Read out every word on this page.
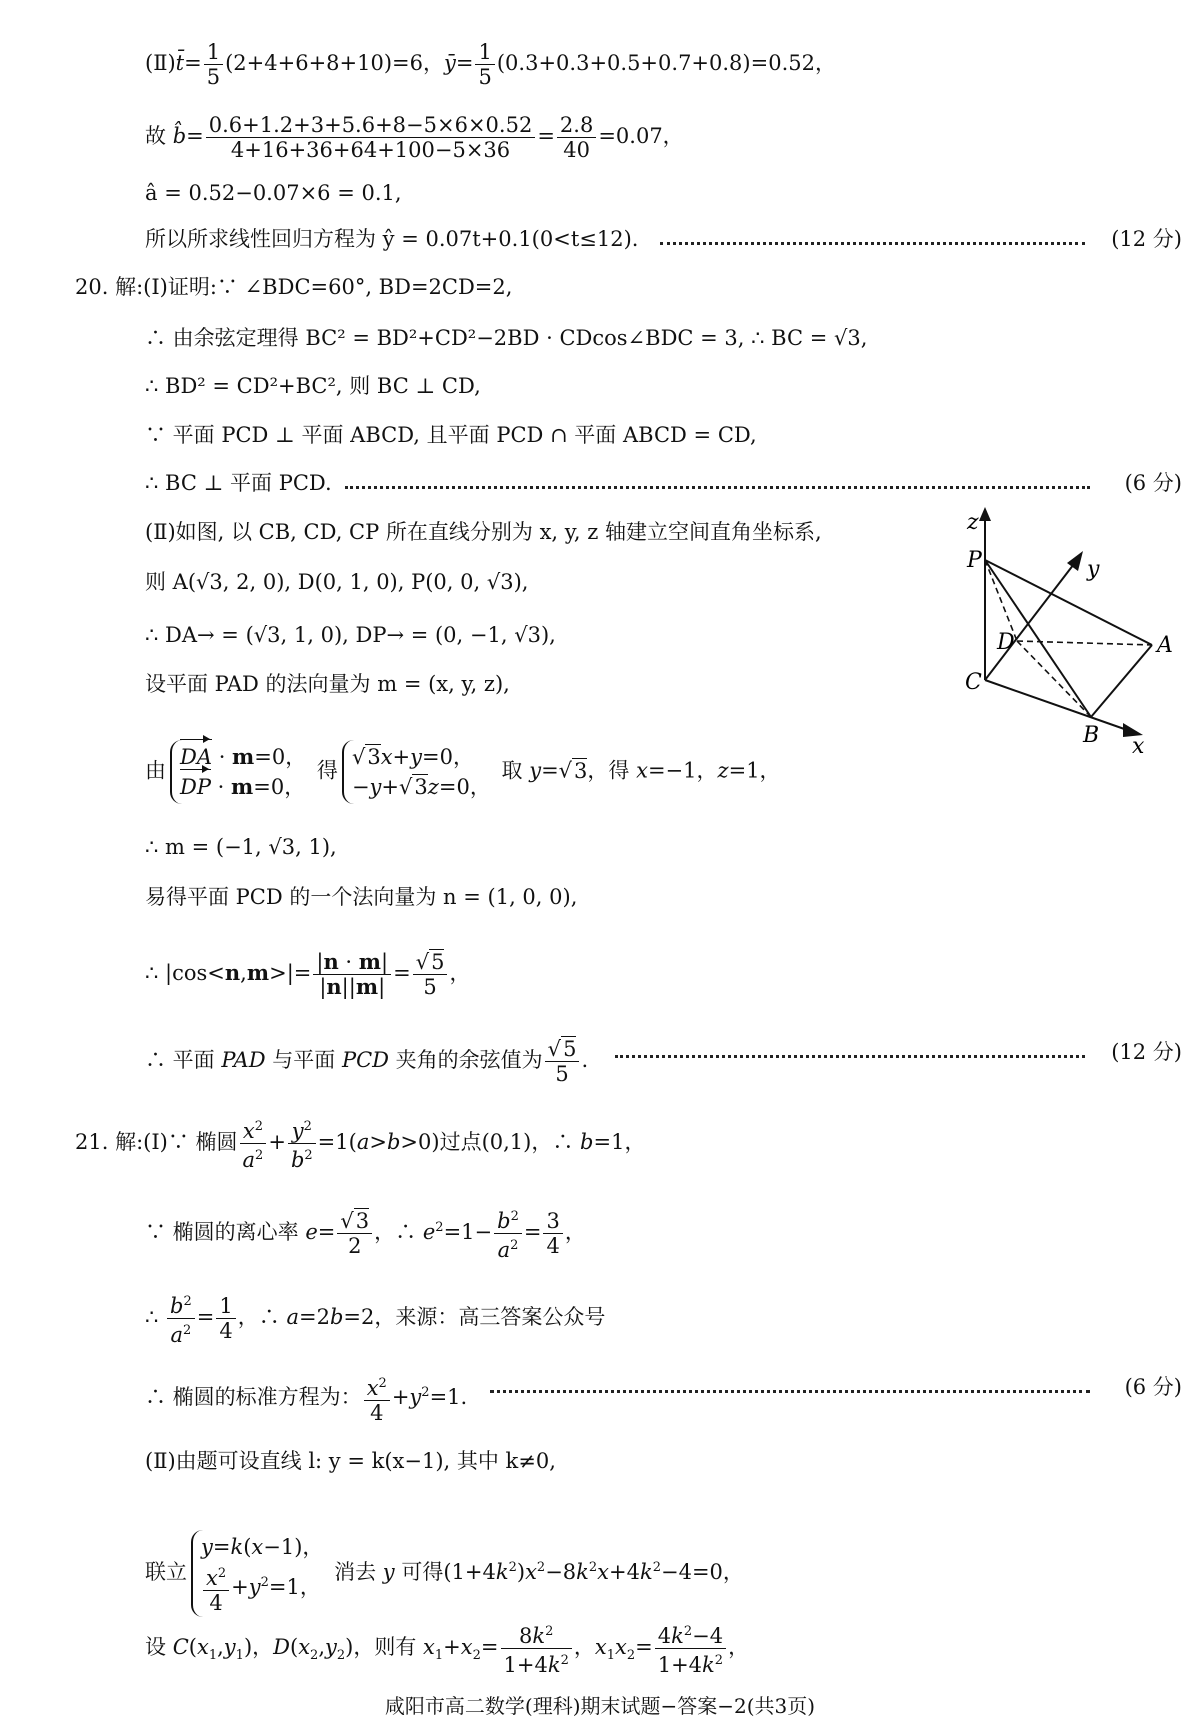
(Ⅱ)t̄= $\frac{1}{5} (2+4+6+8+10)=6$，ȳ= $\frac{1}{5} (0.3+0.3+0.5+0.7+0.8)=0.52$，
故 b̂= $\frac{0.6+1.2+3+5.6+8-5\times 6\times 0.52}{4+16+36+64+100-5\times 36} = \frac{2.8}{40} =0.07$，
â = 0.52−0.07×6 = 0.1,
所以所求线性回归方程为 ŷ = 0.07t+0.1(0<t≤12).	(12 分)
20. 解:(Ⅰ)证明:∵ ∠BDC=60°, BD=2CD=2,
∴ 由余弦定理得 BC² = BD²+CD²−2BD · CDcos∠BDC = 3, ∴ BC = √3,
∴ BD² = CD²+BC², 则 BC ⊥ CD,
∵ 平面 PCD ⊥ 平面 ABCD, 且平面 PCD ∩ 平面 ABCD = CD,
∴ BC ⊥ 平面 PCD.	(6 分)
(Ⅱ)如图, 以 CB, CD, CP 所在直线分别为 x, y, z 轴建立空间直角坐标系,
则 A(√3, 2, 0), D(0, 1, 0), P(0, 0, √3),
∴ DA→ = (√3, 1, 0), DP→ = (0, −1, √3),
设平面 PAD 的法向量为 m = (x, y, z),
由
DA · m=0，
DP · m=0，
得
√3x+y=0，
−y+√3z=0，
取 y=√3，得 x=−1，z=1，
∴ m = (−1, √3, 1),
易得平面 PCD 的一个法向量为 n = (1, 0, 0),
∴ $|\cos<n,m>|= \frac{|n \cdot m|}{|n||m|} = \frac{√5}{5}$ ，
∴ 平面 PAD 与平面 PCD 夹角的余弦值为 $\frac{√5}{5}$ .	(12 分)
21. 解:(Ⅰ)∵ 椭圆 $\frac{x^2}{a^2} + \frac{y^2}{b^2} =1(a>b>0)$过点(0,1)，∴ b=1，
∵ 椭圆的离心率 $e= \frac{√3}{2}$ ，∴ $e^2=1- \frac{b^2}{a^2} = \frac{3}{4}$ ，
∴ $\frac{b^2}{a^2} = \frac{1}{4}$ ，∴ a=2b=2，来源：高三答案公众号
∴ 椭圆的标准方程为： $\frac{x^2}{4} +y^2=1$.	(6 分)
(Ⅱ)由题可设直线 l: y = k(x−1), 其中 k≠0,
联立
y=k(x−1)，
$\frac{x^2}{4} +y^2=1$，
消去 y 可得$(1+4k^2)x^2-8k^2x+4k^2-4=0$，
设 $C(x_1,y_1)$，$D(x_2,y_2)$，则有 $x_1+x_2= \frac{8k^2}{1+4k^2}$ ，$x_1x_2= \frac{4k^2-4}{1+4k^2}$ ，
咸阳市高二数学(理科)期末试题−答案−2(共3页)
z
P	y
D	A
C
B x
